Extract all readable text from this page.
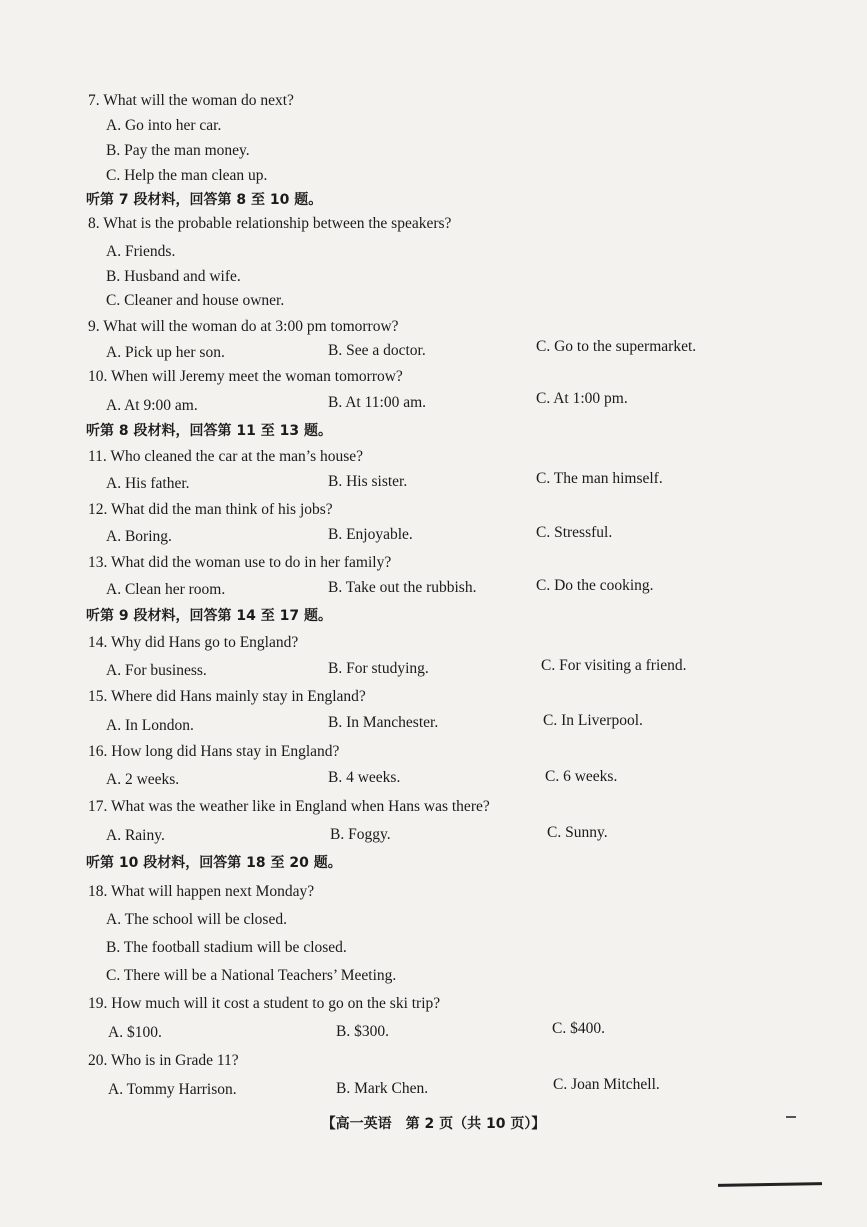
7. What will the woman do next?
A. Go into her car.
B. Pay the man money.
C. Help the man clean up.
听第 7 段材料，回答第 8 至 10 题。
8. What is the probable relationship between the speakers?
A. Friends.
B. Husband and wife.
C. Cleaner and house owner.
9. What will the woman do at 3:00 pm tomorrow?
A. Pick up her son.	B. See a doctor.	C. Go to the supermarket.
10. When will Jeremy meet the woman tomorrow?
A. At 9:00 am.	B. At 11:00 am.	C. At 1:00 pm.
听第 8 段材料，回答第 11 至 13 题。
11. Who cleaned the car at the man’s house?
A. His father.	B. His sister.	C. The man himself.
12. What did the man think of his jobs?
A. Boring.	B. Enjoyable.	C. Stressful.
13. What did the woman use to do in her family?
A. Clean her room.	B. Take out the rubbish.	C. Do the cooking.
听第 9 段材料，回答第 14 至 17 题。
14. Why did Hans go to England?
A. For business.	B. For studying.	C. For visiting a friend.
15. Where did Hans mainly stay in England?
A. In London.	B. In Manchester.	C. In Liverpool.
16. How long did Hans stay in England?
A. 2 weeks.	B. 4 weeks.	C. 6 weeks.
17. What was the weather like in England when Hans was there?
A. Rainy.	B. Foggy.	C. Sunny.
听第 10 段材料，回答第 18 至 20 题。
18. What will happen next Monday?
A. The school will be closed.
B. The football stadium will be closed.
C. There will be a National Teachers’ Meeting.
19. How much will it cost a student to go on the ski trip?
A. $100.	B. $300.	C. $400.
20. Who is in Grade 11?
A. Tommy Harrison.	B. Mark Chen.	C. Joan Mitchell.
【高一英语　第 2 页（共 10 页）】
